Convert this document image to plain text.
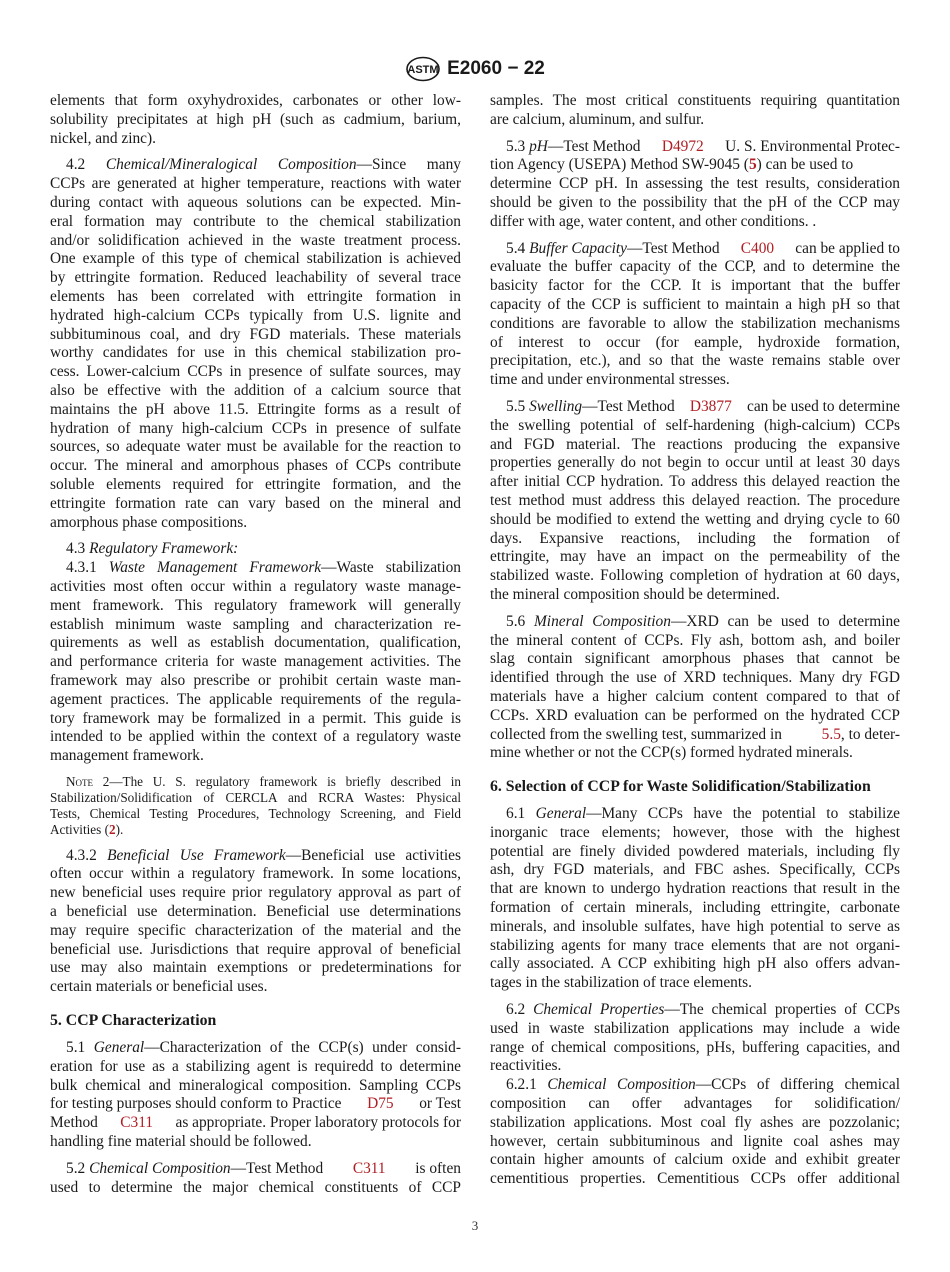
ASTM E2060 − 22
elements that form oxyhydroxides, carbonates or other low-
solubility precipitates at high pH (such as cadmium, barium,
nickel, and zinc).
4.2 Chemical/Mineralogical Composition—Since many
CCPs are generated at higher temperature, reactions with water
during contact with aqueous solutions can be expected. Min-
eral formation may contribute to the chemical stabilization
and/or solidification achieved in the waste treatment process.
One example of this type of chemical stabilization is achieved
by ettringite formation. Reduced leachability of several trace
elements has been correlated with ettringite formation in
hydrated high-calcium CCPs typically from U.S. lignite and
subbituminous coal, and dry FGD materials. These materials
worthy candidates for use in this chemical stabilization pro-
cess. Lower-calcium CCPs in presence of sulfate sources, may
also be effective with the addition of a calcium source that
maintains the pH above 11.5. Ettringite forms as a result of
hydration of many high-calcium CCPs in presence of sulfate
sources, so adequate water must be available for the reaction to
occur. The mineral and amorphous phases of CCPs contribute
soluble elements required for ettringite formation, and the
ettringite formation rate can vary based on the mineral and
amorphous phase compositions.
4.3 Regulatory Framework:
4.3.1 Waste Management Framework—Waste stabilization
activities most often occur within a regulatory waste manage-
ment framework. This regulatory framework will generally
establish minimum waste sampling and characterization re-
quirements as well as establish documentation, qualification,
and performance criteria for waste management activities. The
framework may also prescribe or prohibit certain waste man-
agement practices. The applicable requirements of the regula-
tory framework may be formalized in a permit. This guide is
intended to be applied within the context of a regulatory waste
management framework.
Note 2—The U. S. regulatory framework is briefly described in
Stabilization/Solidification of CERCLA and RCRA Wastes: Physical
Tests, Chemical Testing Procedures, Technology Screening, and Field
Activities (2).
4.3.2 Beneficial Use Framework—Beneficial use activities
often occur within a regulatory framework. In some locations,
new beneficial uses require prior regulatory approval as part of
a beneficial use determination. Beneficial use determinations
may require specific characterization of the material and the
beneficial use. Jurisdictions that require approval of beneficial
use may also maintain exemptions or predeterminations for
certain materials or beneficial uses.
5. CCP Characterization
5.1 General—Characterization of the CCP(s) under consid-
eration for use as a stabilizing agent is requiredd to determine
bulk chemical and mineralogical composition. Sampling CCPs
for testing purposes should conform to Practice D75 or Test
Method C311 as appropriate. Proper laboratory protocols for
handling fine material should be followed.
5.2 Chemical Composition—Test Method C311 is often
used to determine the major chemical constituents of CCP
samples. The most critical constituents requiring quantitation
are calcium, aluminum, and sulfur.
5.3 pH—Test Method D4972 U. S. Environmental Protec-
tion Agency (USEPA) Method SW-9045 (5) can be used to
determine CCP pH. In assessing the test results, consideration
should be given to the possibility that the pH of the CCP may
differ with age, water content, and other conditions. .
5.4 Buffer Capacity—Test Method C400 can be applied to
evaluate the buffer capacity of the CCP, and to determine the
basicity factor for the CCP. It is important that the buffer
capacity of the CCP is sufficient to maintain a high pH so that
conditions are favorable to allow the stabilization mechanisms
of interest to occur (for eample, hydroxide formation,
precipitation, etc.), and so that the waste remains stable over
time and under environmental stresses.
5.5 Swelling—Test Method D3877 can be used to determine
the swelling potential of self-hardening (high-calcium) CCPs
and FGD material. The reactions producing the expansive
properties generally do not begin to occur until at least 30 days
after initial CCP hydration. To address this delayed reaction the
test method must address this delayed reaction. The procedure
should be modified to extend the wetting and drying cycle to 60
days. Expansive reactions, including the formation of
ettringite, may have an impact on the permeability of the
stabilized waste. Following completion of hydration at 60 days,
the mineral composition should be determined.
5.6 Mineral Composition—XRD can be used to determine
the mineral content of CCPs. Fly ash, bottom ash, and boiler
slag contain significant amorphous phases that cannot be
identified through the use of XRD techniques. Many dry FGD
materials have a higher calcium content compared to that of
CCPs. XRD evaluation can be performed on the hydrated CCP
collected from the swelling test, summarized in	5.5, to deter-
mine whether or not the CCP(s) formed hydrated minerals.
6. Selection of CCP for Waste Solidification/Stabilization
6.1 General—Many CCPs have the potential to stabilize
inorganic trace elements; however, those with the highest
potential are finely divided powdered materials, including fly
ash, dry FGD materials, and FBC ashes. Specifically, CCPs
that are known to undergo hydration reactions that result in the
formation of certain minerals, including ettringite, carbonate
minerals, and insoluble sulfates, have high potential to serve as
stabilizing agents for many trace elements that are not organi-
cally associated. A CCP exhibiting high pH also offers advan-
tages in the stabilization of trace elements.
6.2 Chemical Properties—The chemical properties of CCPs
used in waste stabilization applications may include a wide
range of chemical compositions, pHs, buffering capacities, and
reactivities.
6.2.1 Chemical Composition—CCPs of differing chemical
composition can offer advantages for solidification/
stabilization applications. Most coal fly ashes are pozzolanic;
however, certain subbituminous and lignite coal ashes may
contain higher amounts of calcium oxide and exhibit greater
cementitious properties. Cementitious CCPs offer additional
3
